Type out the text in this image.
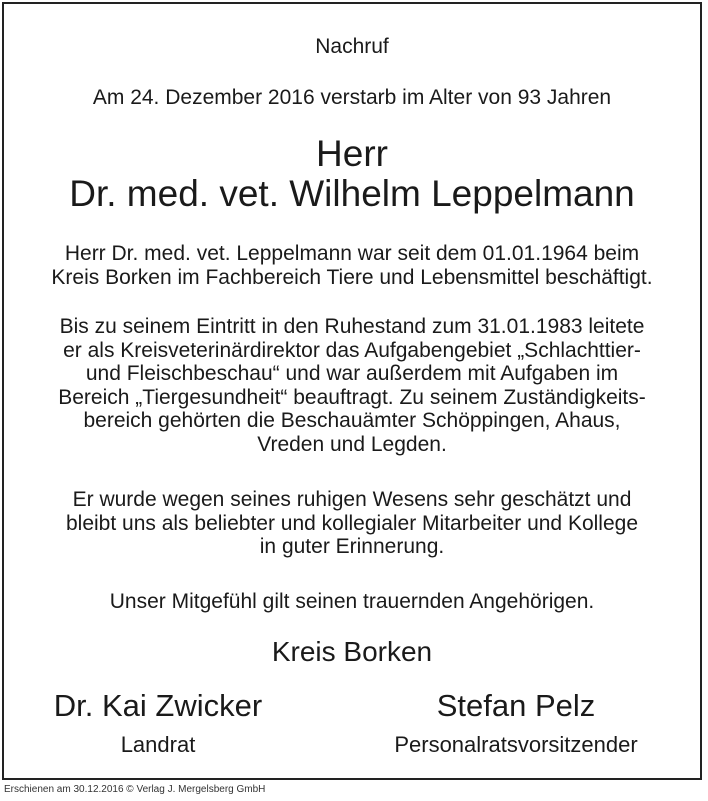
Nachruf
Am 24. Dezember 2016 verstarb im Alter von 93 Jahren
Herr
Dr. med. vet. Wilhelm Leppelmann
Herr Dr. med. vet. Leppelmann war seit dem 01.01.1964 beim
Kreis Borken im Fachbereich Tiere und Lebensmittel beschäftigt.
Bis zu seinem Eintritt in den Ruhestand zum 31.01.1983 leitete
er als Kreisveterinärdirektor das Aufgabengebiet „Schlachttier-
und Fleischbeschau“ und war außerdem mit Aufgaben im
Bereich „Tiergesundheit“ beauftragt. Zu seinem Zuständigkeits-
bereich gehörten die Beschauämter Schöppingen, Ahaus,
Vreden und Legden.
Er wurde wegen seines ruhigen Wesens sehr geschätzt und
bleibt uns als beliebter und kollegialer Mitarbeiter und Kollege
in guter Erinnerung.
Unser Mitgefühl gilt seinen trauernden Angehörigen.
Kreis Borken
Dr. Kai Zwicker
Landrat
Stefan Pelz
Personalratsvorsitzender
Erschienen am 30.12.2016 © Verlag J. Mergelsberg GmbH
